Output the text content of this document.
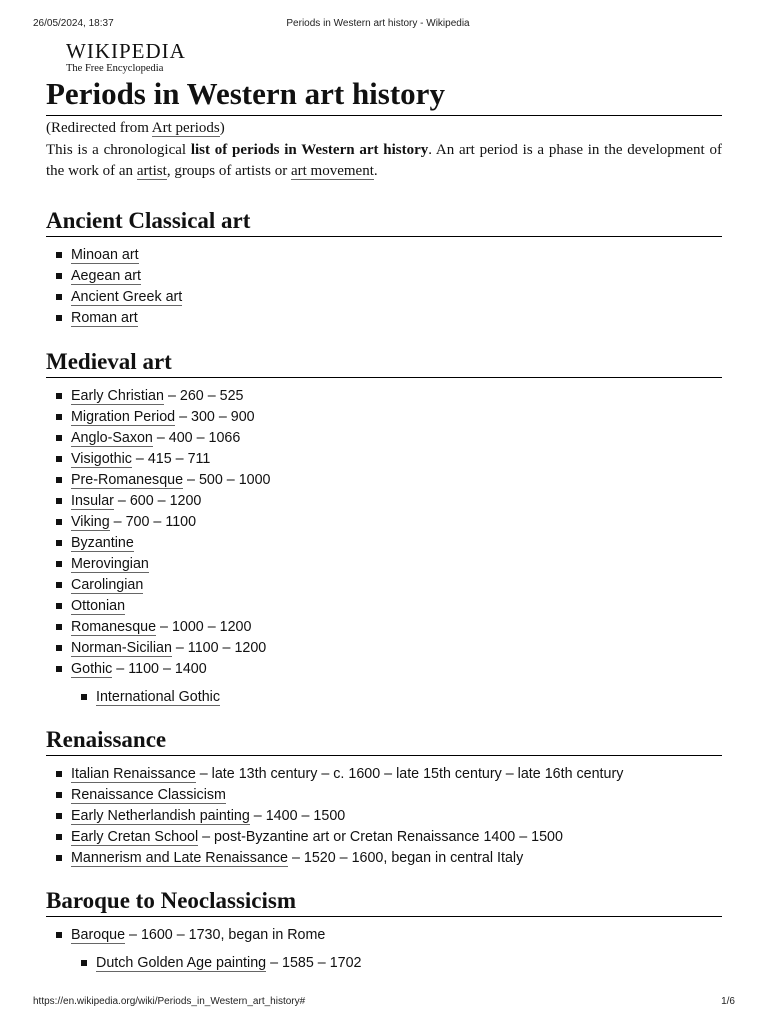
26/05/2024, 18:37	Periods in Western art history - Wikipedia
WIKIPEDIA
The Free Encyclopedia
Periods in Western art history
(Redirected from Art periods)
This is a chronological list of periods in Western art history. An art period is a phase in the development of the work of an artist, groups of artists or art movement.
Ancient Classical art
Minoan art
Aegean art
Ancient Greek art
Roman art
Medieval art
Early Christian – 260 – 525
Migration Period – 300 – 900
Anglo-Saxon – 400 – 1066
Visigothic – 415 – 711
Pre-Romanesque – 500 – 1000
Insular – 600 – 1200
Viking – 700 – 1100
Byzantine
Merovingian
Carolingian
Ottonian
Romanesque – 1000 – 1200
Norman-Sicilian – 1100 – 1200
Gothic – 1100 – 1400
International Gothic
Renaissance
Italian Renaissance – late 13th century – c. 1600 – late 15th century – late 16th century
Renaissance Classicism
Early Netherlandish painting – 1400 – 1500
Early Cretan School – post-Byzantine art or Cretan Renaissance 1400 – 1500
Mannerism and Late Renaissance – 1520 – 1600, began in central Italy
Baroque to Neoclassicism
Baroque – 1600 – 1730, began in Rome
Dutch Golden Age painting – 1585 – 1702
https://en.wikipedia.org/wiki/Periods_in_Western_art_history#	1/6
